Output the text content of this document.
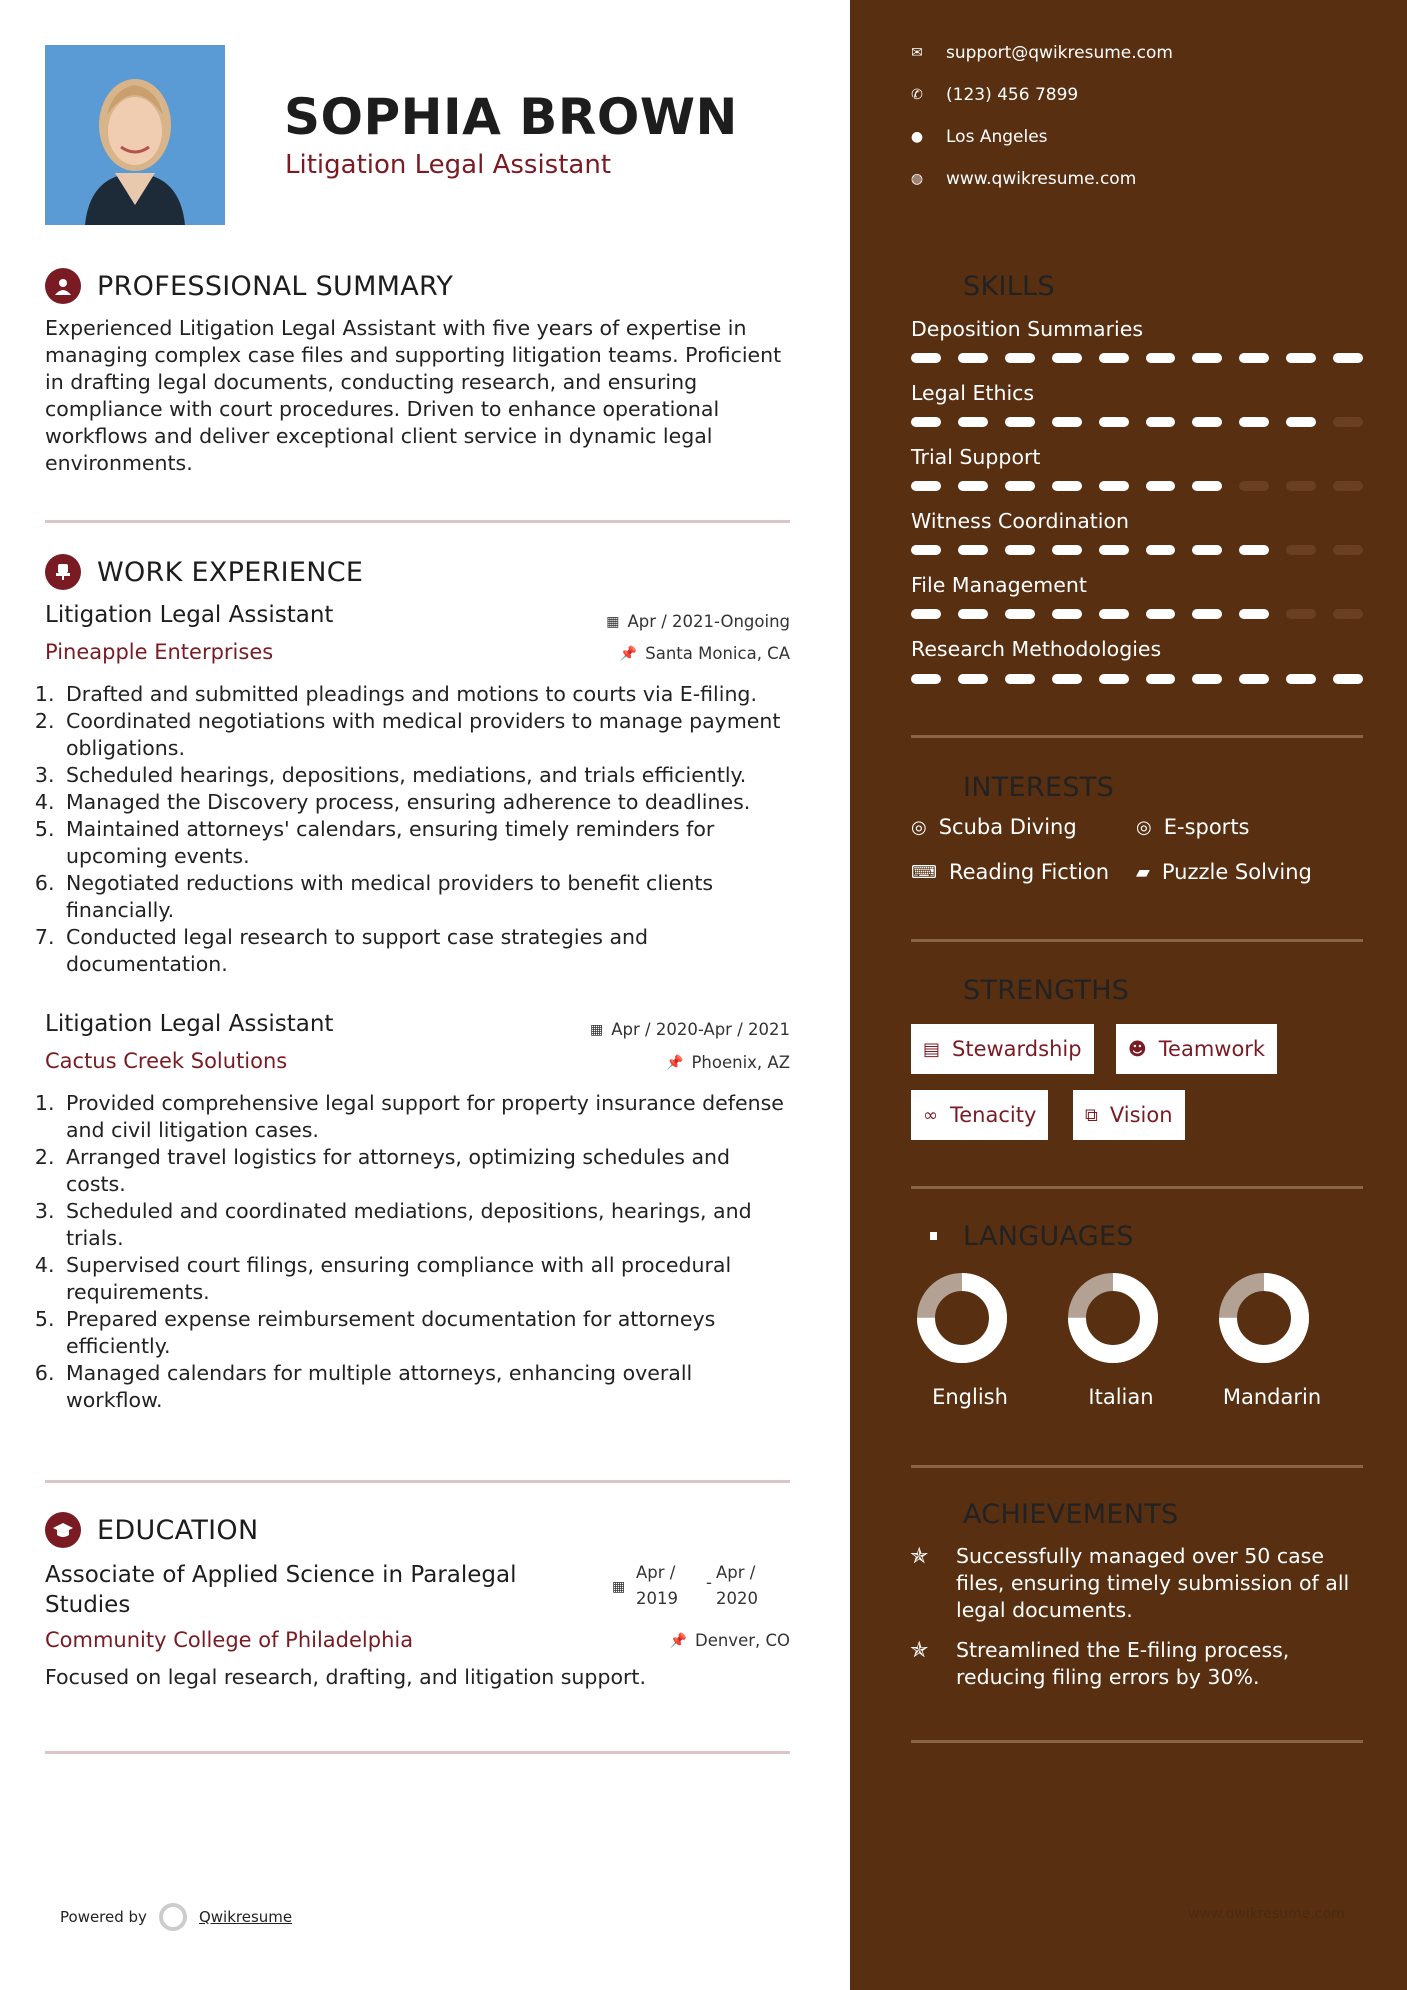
SOPHIA BROWN
Litigation Legal Assistant
PROFESSIONAL SUMMARY
Experienced Litigation Legal Assistant with five years of expertise in managing complex case files and supporting litigation teams. Proficient in drafting legal documents, conducting research, and ensuring compliance with court procedures. Driven to enhance operational workflows and deliver exceptional client service in dynamic legal environments.
WORK EXPERIENCE
Litigation Legal Assistant
Pineapple Enterprises
▦ Apr / 2021-Ongoing
📌 Santa Monica, CA
1. Drafted and submitted pleadings and motions to courts via E-filing.
2. Coordinated negotiations with medical providers to manage payment obligations.
3. Scheduled hearings, depositions, mediations, and trials efficiently.
4. Managed the Discovery process, ensuring adherence to deadlines.
5. Maintained attorneys' calendars, ensuring timely reminders for upcoming events.
6. Negotiated reductions with medical providers to benefit clients financially.
7. Conducted legal research to support case strategies and documentation.
Litigation Legal Assistant
Cactus Creek Solutions
▦ Apr / 2020-Apr / 2021
📌 Phoenix, AZ
1. Provided comprehensive legal support for property insurance defense and civil litigation cases.
2. Arranged travel logistics for attorneys, optimizing schedules and costs.
3. Scheduled and coordinated mediations, depositions, hearings, and trials.
4. Supervised court filings, ensuring compliance with all procedural requirements.
5. Prepared expense reimbursement documentation for attorneys efficiently.
6. Managed calendars for multiple attorneys, enhancing overall workflow.
EDUCATION
Associate of Applied Science in Paralegal Studies
Community College of Philadelphia
▦
Apr /
2019
-
Apr /
2020
📌 Denver, CO
Focused on legal research, drafting, and litigation support.
Powered by	Qwikresume
✉ support@qwikresume.com
✆ (123) 456 7899
● Los Angeles
◍ www.qwikresume.com
SKILLS
Deposition Summaries
Legal Ethics
Trial Support
Witness Coordination
File Management
Research Methodologies
INTERESTS
◎ Scuba Diving	◎ E-sports
⌨ Reading Fiction ▰ Puzzle Solving
STRENGTHS
▤ Stewardship	☻ Teamwork
∞ Tenacity	⧉ Vision
LANGUAGES
English	Italian	Mandarin
ACHIEVEMENTS
✯	Successfully managed over 50 case files, ensuring timely submission of all legal documents.
✯	Streamlined the E-filing process, reducing filing errors by 30%.
www.qwikresume.com
